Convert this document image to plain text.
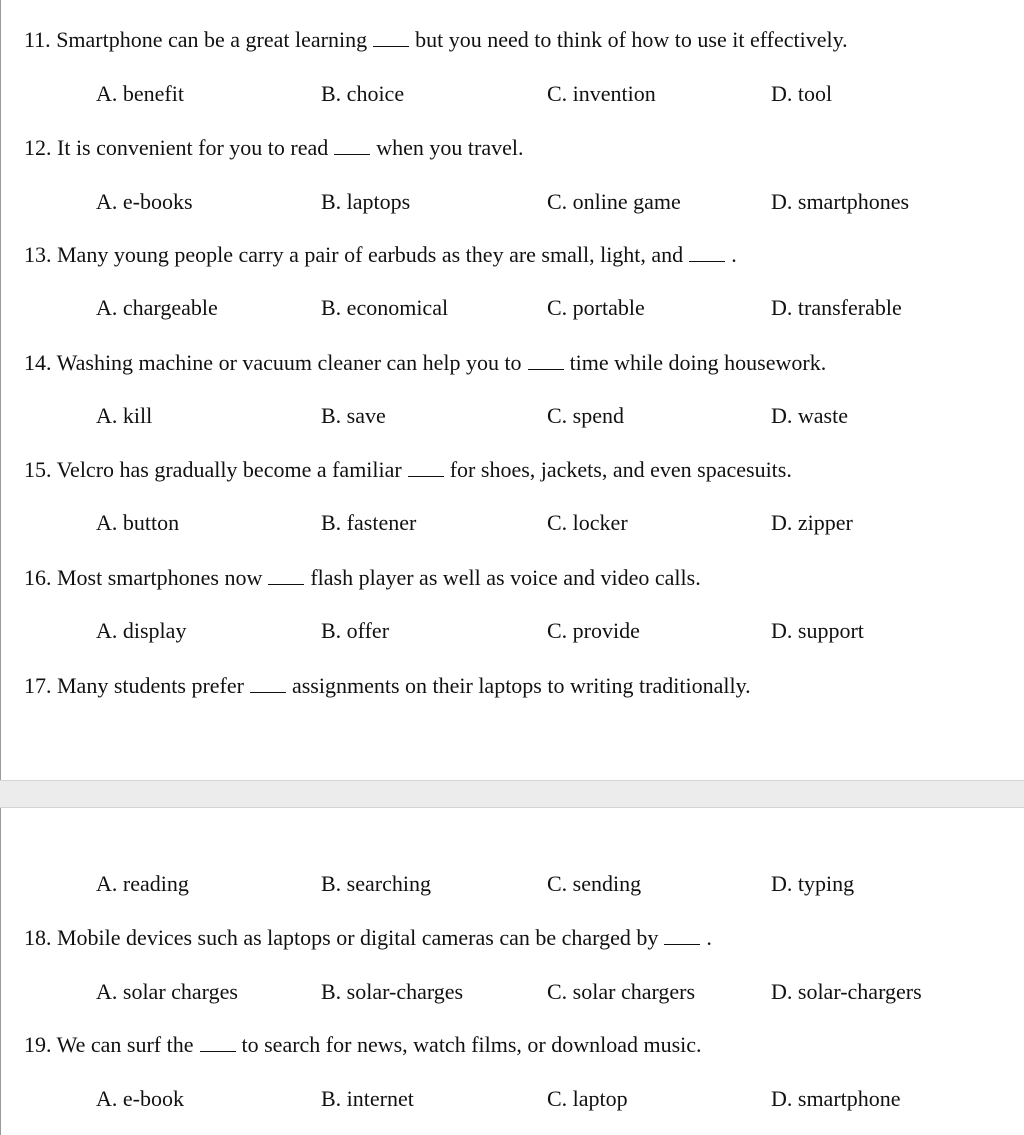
11. Smartphone can be a great learning but you need to think of how to use it effectively.
A. benefit	B. choice	C. invention	D. tool
12. It is convenient for you to read when you travel.
A. e-books	B. laptops	C. online game	D. smartphones
13. Many young people carry a pair of earbuds as they are small, light, and .
A. chargeable	B. economical	C. portable	D. transferable
14. Washing machine or vacuum cleaner can help you to time while doing housework.
A. kill	B. save	C. spend	D. waste
15. Velcro has gradually become a familiar for shoes, jackets, and even spacesuits.
A. button	B. fastener	C. locker	D. zipper
16. Most smartphones now flash player as well as voice and video calls.
A. display	B. offer	C. provide	D. support
17. Many students prefer assignments on their laptops to writing traditionally.
A. reading	B. searching	C. sending	D. typing
18. Mobile devices such as laptops or digital cameras can be charged by .
A. solar charges	B. solar-charges	C. solar chargers	D. solar-chargers
19. We can surf the to search for news, watch films, or download music.
A. e-book	B. internet	C. laptop	D. smartphone
